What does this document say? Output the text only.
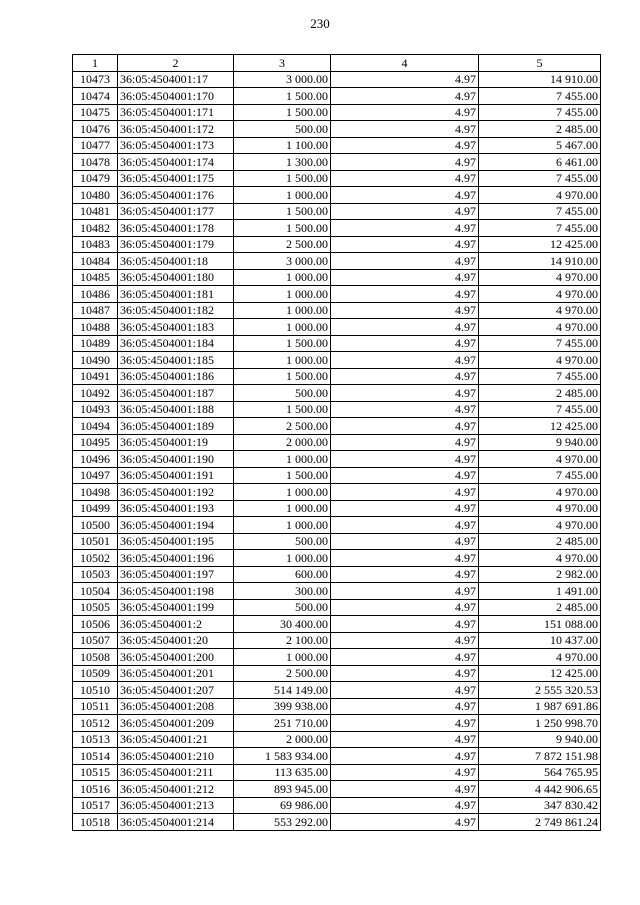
230
1	2	3	4	5
10473	36:05:4504001:17	3 000.00	4.97	14 910.00
10474	36:05:4504001:170	1 500.00	4.97	7 455.00
10475	36:05:4504001:171	1 500.00	4.97	7 455.00
10476	36:05:4504001:172	500.00	4.97	2 485.00
10477	36:05:4504001:173	1 100.00	4.97	5 467.00
10478	36:05:4504001:174	1 300.00	4.97	6 461.00
10479	36:05:4504001:175	1 500.00	4.97	7 455.00
10480	36:05:4504001:176	1 000.00	4.97	4 970.00
10481	36:05:4504001:177	1 500.00	4.97	7 455.00
10482	36:05:4504001:178	1 500.00	4.97	7 455.00
10483	36:05:4504001:179	2 500.00	4.97	12 425.00
10484	36:05:4504001:18	3 000.00	4.97	14 910.00
10485	36:05:4504001:180	1 000.00	4.97	4 970.00
10486	36:05:4504001:181	1 000.00	4.97	4 970.00
10487	36:05:4504001:182	1 000.00	4.97	4 970.00
10488	36:05:4504001:183	1 000.00	4.97	4 970.00
10489	36:05:4504001:184	1 500.00	4.97	7 455.00
10490	36:05:4504001:185	1 000.00	4.97	4 970.00
10491	36:05:4504001:186	1 500.00	4.97	7 455.00
10492	36:05:4504001:187	500.00	4.97	2 485.00
10493	36:05:4504001:188	1 500.00	4.97	7 455.00
10494	36:05:4504001:189	2 500.00	4.97	12 425.00
10495	36:05:4504001:19	2 000.00	4.97	9 940.00
10496	36:05:4504001:190	1 000.00	4.97	4 970.00
10497	36:05:4504001:191	1 500.00	4.97	7 455.00
10498	36:05:4504001:192	1 000.00	4.97	4 970.00
10499	36:05:4504001:193	1 000.00	4.97	4 970.00
10500	36:05:4504001:194	1 000.00	4.97	4 970.00
10501	36:05:4504001:195	500.00	4.97	2 485.00
10502	36:05:4504001:196	1 000.00	4.97	4 970.00
10503	36:05:4504001:197	600.00	4.97	2 982.00
10504	36:05:4504001:198	300.00	4.97	1 491.00
10505	36:05:4504001:199	500.00	4.97	2 485.00
10506	36:05:4504001:2	30 400.00	4.97	151 088.00
10507	36:05:4504001:20	2 100.00	4.97	10 437.00
10508	36:05:4504001:200	1 000.00	4.97	4 970.00
10509	36:05:4504001:201	2 500.00	4.97	12 425.00
10510	36:05:4504001:207	514 149.00	4.97	2 555 320.53
10511	36:05:4504001:208	399 938.00	4.97	1 987 691.86
10512	36:05:4504001:209	251 710.00	4.97	1 250 998.70
10513	36:05:4504001:21	2 000.00	4.97	9 940.00
10514	36:05:4504001:210	1 583 934.00	4.97	7 872 151.98
10515	36:05:4504001:211	113 635.00	4.97	564 765.95
10516	36:05:4504001:212	893 945.00	4.97	4 442 906.65
10517	36:05:4504001:213	69 986.00	4.97	347 830.42
10518	36:05:4504001:214	553 292.00	4.97	2 749 861.24
